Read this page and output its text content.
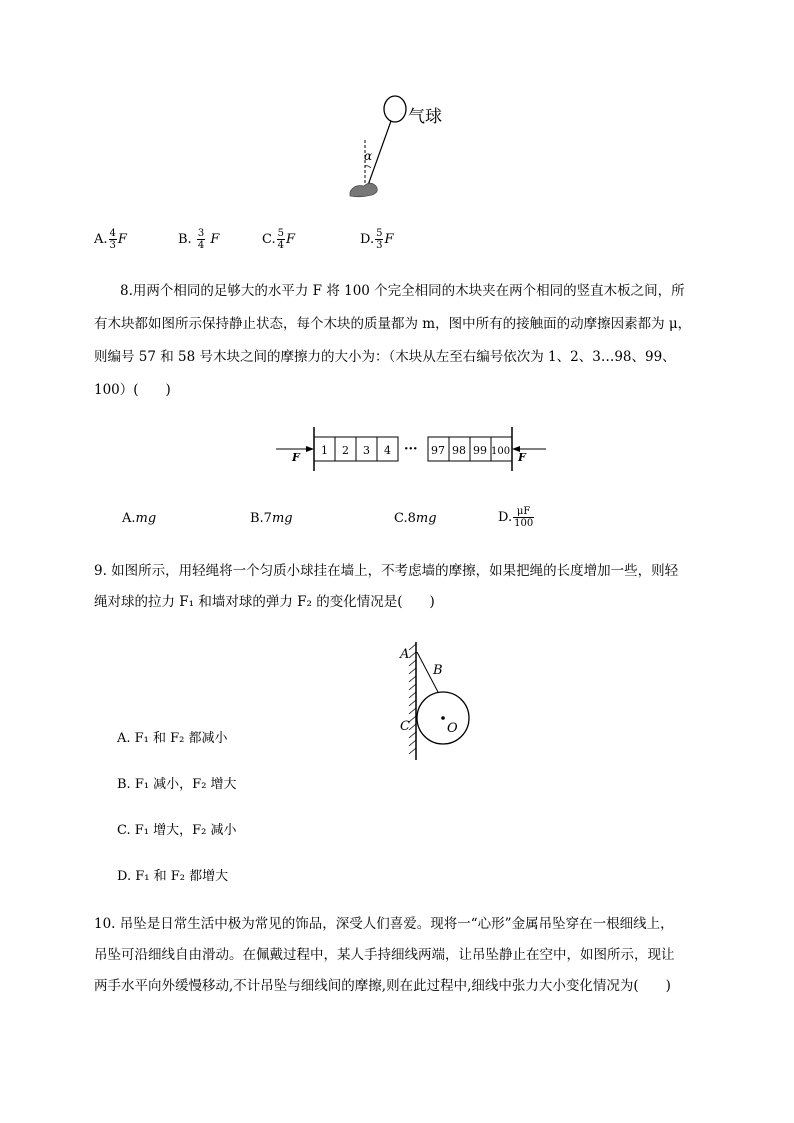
α
气球
A. $\frac{4}{3}$ F	B. $\frac{3}{4}$ F	C. $\frac{5}{4}$ F	D. $\frac{5}{3}$ F
8.用两个相同的足够大的水平力 F 将 100 个完全相同的木块夹在两个相同的竖直木板之间，所
有木块都如图所示保持静止状态，每个木块的质量都为 m，图中所有的接触面的动摩擦因素都为 μ，
则编号 57 和 58 号木块之间的摩擦力的大小为：（木块从左至右编号依次为 1、2、3…98、99、
100）(　　)
F	F
1 2 3 4 ··· 97 98 99 100
A.mg	B.7mg	C.8mg	D. $\frac{\mu F}{100}$
9. 如图所示，用轻绳将一个匀质小球挂在墙上，不考虑墙的摩擦，如果把绳的长度增加一些，则轻
绳对球的拉力 F₁ 和墙对球的弹力 F₂ 的变化情况是(　　)
A
B
C	O
A. F₁ 和 F₂ 都减小
B. F₁ 减小，F₂ 增大
C. F₁ 增大，F₂ 减小
D. F₁ 和 F₂ 都增大
10. 吊坠是日常生活中极为常见的饰品，深受人们喜爱。现将一“心形”金属吊坠穿在一根细线上，
吊坠可沿细线自由滑动。在佩戴过程中，某人手持细线两端，让吊坠静止在空中，如图所示，现让
两手水平向外缓慢移动,不计吊坠与细线间的摩擦,则在此过程中,细线中张力大小变化情况为(　　)
